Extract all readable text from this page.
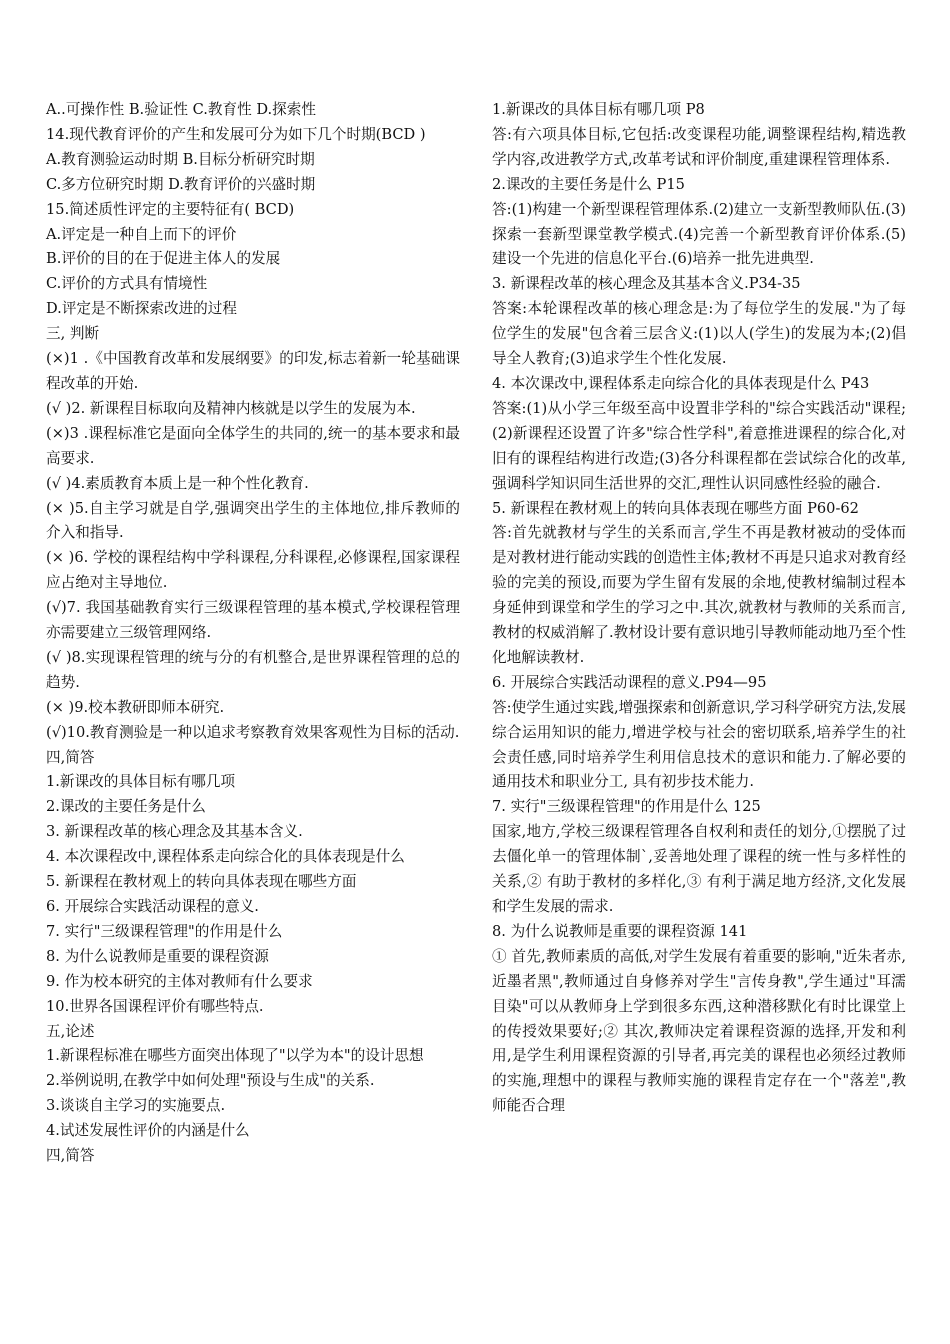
A..可操作性 B.验证性 C.教育性 D.探索性

14.现代教育评价的产生和发展可分为如下几个时期(BCD )

A.教育测验运动时期 B.目标分析研究时期

C.多方位研究时期 D.教育评价的兴盛时期

15.简述质性评定的主要特征有( BCD)

A.评定是一种自上而下的评价

B.评价的目的在于促进主体人的发展

C.评价的方式具有情境性

D.评定是不断探索改进的过程

三, 判断

(×)1 .《中国教育改革和发展纲要》的印发,标志着新一轮基础课程改革的开始.

(√ )2. 新课程目标取向及精神内核就是以学生的发展为本.

(×)3 .课程标准它是面向全体学生的共同的,统一的基本要求和最高要求.

(√ )4.素质教育本质上是一种个性化教育.

(× )5.自主学习就是自学,强调突出学生的主体地位,排斥教师的介入和指导.

(× )6. 学校的课程结构中学科课程,分科课程,必修课程,国家课程应占绝对主导地位.

(√)7. 我国基础教育实行三级课程管理的基本模式,学校课程管理亦需要建立三级管理网络.

(√ )8.实现课程管理的统与分的有机整合,是世界课程管理的总的趋势.

(× )9.校本教研即师本研究.

(√)10.教育测验是一种以追求考察教育效果客观性为目标的活动.

四,简答

1.新课改的具体目标有哪几项

2.课改的主要任务是什么

3. 新课程改革的核心理念及其基本含义.

4. 本次课程改中,课程体系走向综合化的具体表现是什么

5. 新课程在教材观上的转向具体表现在哪些方面

6. 开展综合实践活动课程的意义.

7. 实行"三级课程管理"的作用是什么

8. 为什么说教师是重要的课程资源

9. 作为校本研究的主体对教师有什么要求

10.世界各国课程评价有哪些特点.

五,论述

1.新课程标准在哪些方面突出体现了"以学为本"的设计思想

2.举例说明,在教学中如何处理"预设与生成"的关系.

3.谈谈自主学习的实施要点.

4.试述发展性评价的内涵是什么

四,简答

1.新课改的具体目标有哪几项 P8

答:有六项具体目标,它包括:改变课程功能,调整课程结构,精选教学内容,改进教学方式,改革考试和评价制度,重建课程管理体系.

2.课改的主要任务是什么 P15

答:(1)构建一个新型课程管理体系.(2)建立一支新型教师队伍.(3)探索一套新型课堂教学模式.(4)完善一个新型教育评价体系.(5)建设一个先进的信息化平台.(6)培养一批先进典型.

3. 新课程改革的核心理念及其基本含义.P34-35

答案:本轮课程改革的核心理念是:为了每位学生的发展."为了每位学生的发展"包含着三层含义:(1)以人(学生)的发展为本;(2)倡导全人教育;(3)追求学生个性化发展.

4. 本次课改中,课程体系走向综合化的具体表现是什么 P43

答案:(1)从小学三年级至高中设置非学科的"综合实践活动"课程;(2)新课程还设置了许多"综合性学科",着意推进课程的综合化,对旧有的课程结构进行改造;(3)各分科课程都在尝试综合化的改革,强调科学知识同生活世界的交汇,理性认识同感性经验的融合.

5. 新课程在教材观上的转向具体表现在哪些方面 P60-62

答:首先就教材与学生的关系而言,学生不再是教材被动的受体而是对教材进行能动实践的创造性主体;教材不再是只追求对教育经验的完美的预设,而要为学生留有发展的余地,使教材编制过程本身延伸到课堂和学生的学习之中.其次,就教材与教师的关系而言,教材的权威消解了.教材设计要有意识地引导教师能动地乃至个性化地解读教材.

6. 开展综合实践活动课程的意义.P94—95

答:使学生通过实践,增强探索和创新意识,学习科学研究方法,发展综合运用知识的能力,增进学校与社会的密切联系,培养学生的社会责任感,同时培养学生利用信息技术的意识和能力.了解必要的通用技术和职业分工, 具有初步技术能力.

7. 实行"三级课程管理"的作用是什么 125

国家,地方,学校三级课程管理各自权利和责任的划分,①摆脱了过去僵化单一的管理体制`,妥善地处理了课程的统一性与多样性的关系,② 有助于教材的多样化,③ 有利于满足地方经济,文化发展和学生发展的需求.

8. 为什么说教师是重要的课程资源 141

① 首先,教师素质的高低,对学生发展有着重要的影响,"近朱者赤,近墨者黑",教师通过自身修养对学生"言传身教",学生通过"耳濡目染"可以从教师身上学到很多东西,这种潜移默化有时比课堂上的传授效果要好;② 其次,教师决定着课程资源的选择,开发和利用,是学生利用课程资源的引导者,再完美的课程也必须经过教师的实施,理想中的课程与教师实施的课程肯定存在一个"落差",教师能否合理
